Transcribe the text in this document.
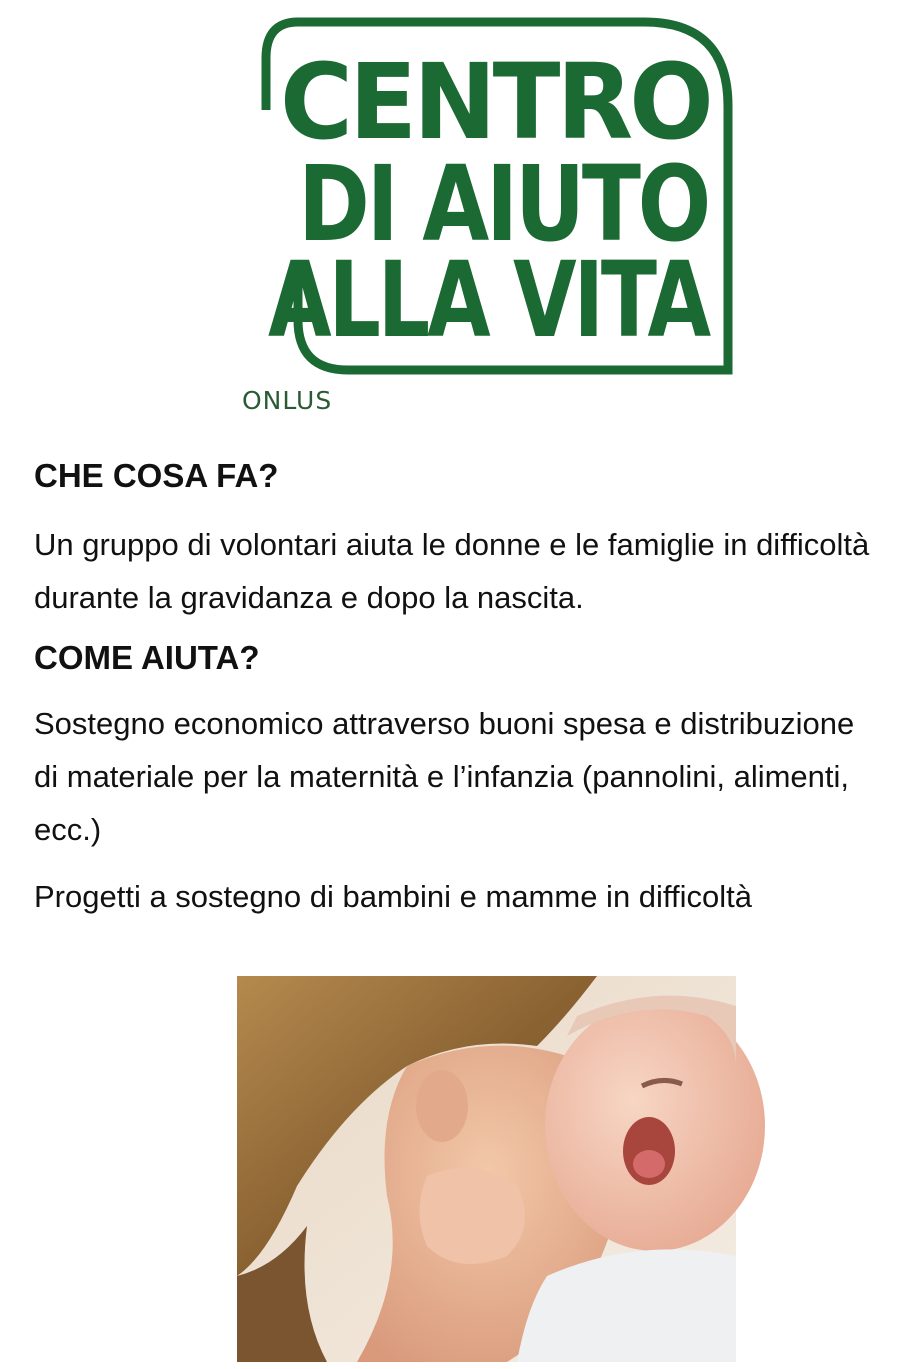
CENTRO
DI AIUTO
ALLA VITA
ONLUS
CHE COSA FA?

Un gruppo di volontari aiuta le donne e le famiglie in difficoltà durante la gravidanza e dopo la nascita.

COME AIUTA?

Sostegno economico attraverso buoni spesa e distribuzione di materiale per la maternità e l’infanzia (pannolini, alimenti, ecc.)

Progetti a sostegno di bambini e mamme in difficoltà
